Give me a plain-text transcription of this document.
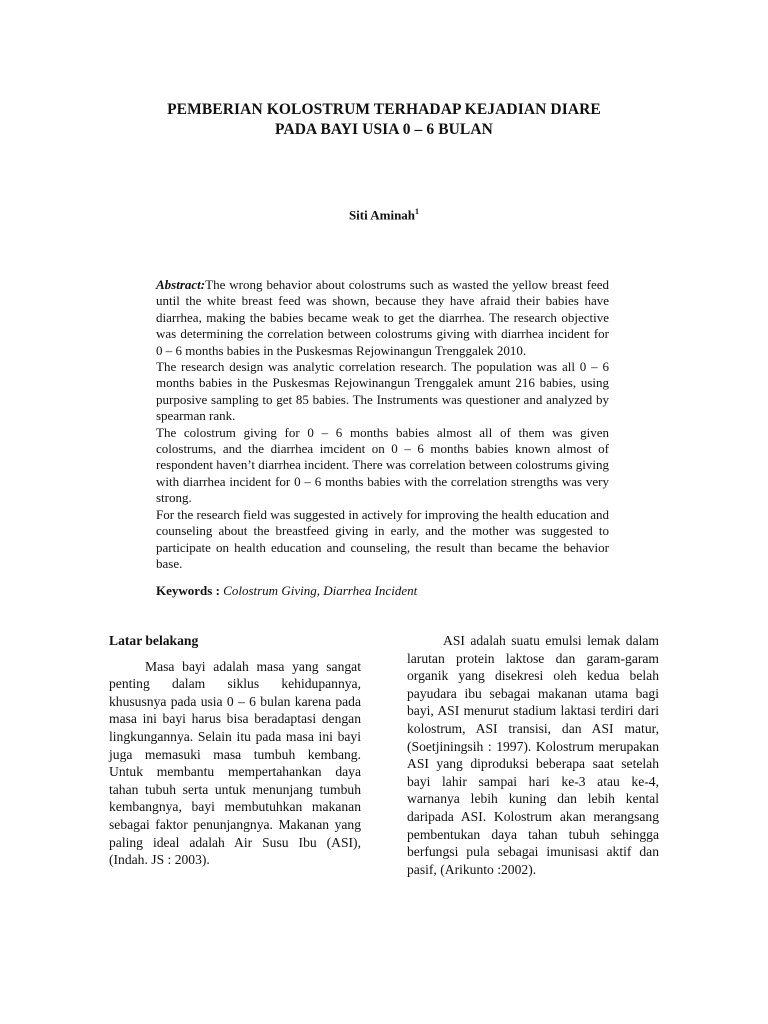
PEMBERIAN KOLOSTRUM TERHADAP KEJADIAN DIARE
PADA BAYI USIA 0 – 6 BULAN
Siti Aminah$^1$

Abstract:The wrong behavior about colostrums such as wasted the yellow breast feed until the white breast feed was shown, because they have afraid their babies have diarrhea, making the babies became weak to get the diarrhea. The research objective was determining the correlation between colostrums giving with diarrhea incident for 0 – 6 months babies in the Puskesmas Rejowinangun Trenggalek 2010.

The research design was analytic correlation research. The population was all 0 – 6 months babies in the Puskesmas Rejowinangun Trenggalek amunt 216 babies, using purposive sampling to get 85 babies. The Instruments was questioner and analyzed by spearman rank.

The colostrum giving for 0 – 6 months babies almost all of them was given colostrums, and the diarrhea imcident on 0 – 6 months babies known almost of respondent haven’t diarrhea incident. There was correlation between colostrums giving with diarrhea incident for 0 – 6 months babies with the correlation strengths was very strong.

For the research field was suggested in actively for improving the health education and counseling about the breastfeed giving in early, and the mother was suggested to participate on health education and counseling, the result than became the behavior base.

Keywords : Colostrum Giving, Diarrhea Incident

Latar belakang

Masa bayi adalah masa yang sangat penting dalam siklus kehidupannya, khususnya pada usia 0 – 6 bulan karena pada masa ini bayi harus bisa beradaptasi dengan lingkungannya. Selain itu pada masa ini bayi juga memasuki masa tumbuh kembang. Untuk membantu mempertahankan daya tahan tubuh serta untuk menunjang tumbuh kembangnya, bayi membutuhkan makanan sebagai faktor penunjangnya. Makanan yang paling ideal adalah Air Susu Ibu (ASI), (Indah. JS : 2003).

ASI adalah suatu emulsi lemak dalam larutan protein laktose dan garam-garam organik yang disekresi oleh kedua belah payudara ibu sebagai makanan utama bagi bayi, ASI menurut stadium laktasi terdiri dari kolostrum, ASI transisi, dan ASI matur, (Soetjiningsih : 1997). Kolostrum merupakan ASI yang diproduksi beberapa saat setelah bayi lahir sampai hari ke-3 atau ke-4, warnanya lebih kuning dan lebih kental daripada ASI. Kolostrum akan merangsang pembentukan daya tahan tubuh sehingga berfungsi pula sebagai imunisasi aktif dan pasif, (Arikunto :2002).
